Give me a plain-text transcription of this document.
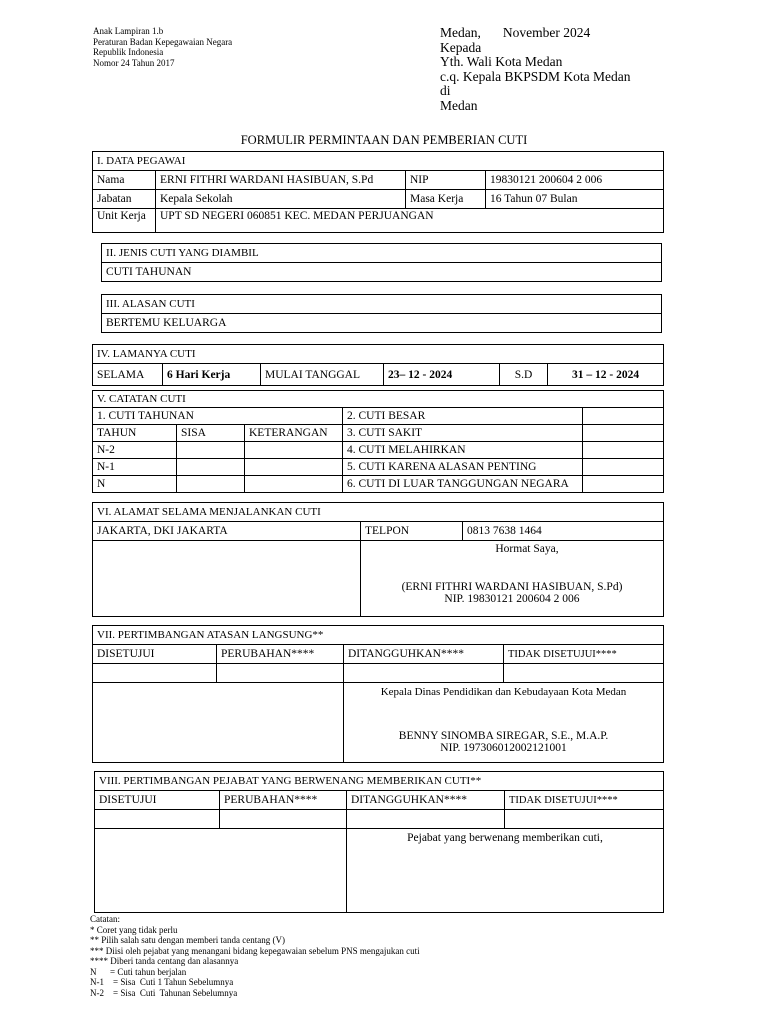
Anak Lampiran 1.b
Peraturan Badan Kepegawaian Negara
Republik Indonesia
Nomor 24 Tahun 2017
Medan, November 2024
Kepada
Yth. Wali Kota Medan
c.q. Kepala BKPSDM Kota Medan
di
Medan
FORMULIR PERMINTAAN DAN PEMBERIAN CUTI
I. DATA PEGAWAI			
Nama	ERNI FITHRI WARDANI HASIBUAN, S.Pd	NIP	19830121 200604 2 006
Jabatan	Kepala Sekolah	Masa Kerja	16 Tahun 07 Bulan
Unit Kerja	UPT SD NEGERI 060851 KEC. MEDAN PERJUANGAN		
II. JENIS CUTI YANG DIAMBIL
CUTI TAHUNAN
III. ALASAN CUTI
BERTEMU KELUARGA
IV. LAMANYA CUTI
SELAMA	6 Hari Kerja	MULAI TANGGAL	23– 12 - 2024	S.D	31 – 12 - 2024
V. CATATAN CUTI				
1. CUTI TAHUNAN			2. CUTI BESAR	
TAHUN	SISA	KETERANGAN	3. CUTI SAKIT	
N-2			4. CUTI MELAHIRKAN	
N-1			5. CUTI KARENA ALASAN PENTING	
N			6. CUTI DI LUAR TANGGUNGAN NEGARA	
VI. ALAMAT SELAMA MENJALANKAN CUTI		
JAKARTA, DKI JAKARTA	TELPON	0813 7638 1464

	Hormat Saya,
(ERNI FITHRI WARDANI HASIBUAN, S.Pd)
NIP. 19830121 200604 2 006	
VII. PERTIMBANGAN ATASAN LANGSUNG**			
DISETUJUI	PERUBAHAN****	DITANGGUHKAN****	TIDAK DISETUJUI****

		Kepala Dinas Pendidikan dan Kebudayaan Kota Medan
BENNY SINOMBA SIREGAR, S.E., M.A.P.
NIP. 197306012002121001	
VIII. PERTIMBANGAN PEJABAT YANG BERWENANG MEMBERIKAN CUTI**			
DISETUJUI	PERUBAHAN****	DITANGGUHKAN****	TIDAK DISETUJUI****

		Pejabat yang berwenang memberikan cuti,	
Catatan:
* Coret yang tidak perlu
** Pilih salah satu dengan memberi tanda centang (V)
*** Diisi oleh pejabat yang menangani bidang kepegawaian sebelum PNS mengajukan cuti
**** Diberi tanda centang dan alasannya
N      = Cuti tahun berjalan
N-1    = Sisa  Cuti 1 Tahun Sebelumnya
N-2    = Sisa  Cuti  Tahunan Sebelumnya
